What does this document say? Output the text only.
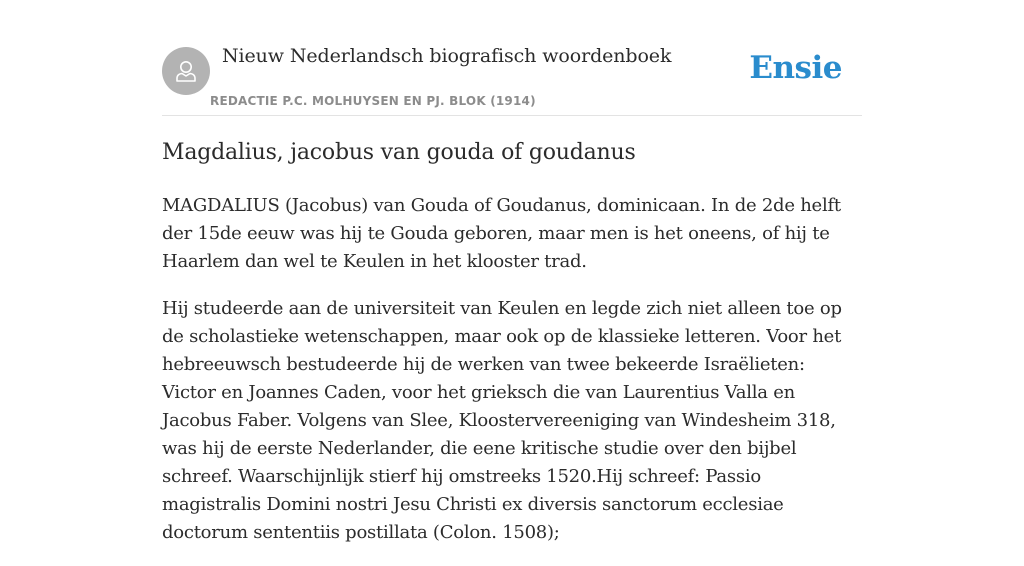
Nieuw Nederlandsch biografisch woordenboek
REDACTIE P.C. MOLHUYSEN EN PJ. BLOK (1914)
Ensie
Magdalius, jacobus van gouda of goudanus

MAGDALIUS (Jacobus) van Gouda of Goudanus, dominicaan. In de 2de helft der 15de eeuw was hij te Gouda geboren, maar men is het oneens, of hij te Haarlem dan wel te Keulen in het klooster trad.

Hij studeerde aan de universiteit van Keulen en legde zich niet alleen toe op de scholastieke wetenschappen, maar ook op de klassieke letteren. Voor het hebreeuwsch bestudeerde hij de werken van twee bekeerde Israëlieten: Victor en Joannes Caden, voor het grieksch die van Laurentius Valla en Jacobus Faber. Volgens van Slee, Kloostervereeniging van Windesheim 318, was hij de eerste Nederlander, die eene kritische studie over den bijbel schreef. Waarschijnlijk stierf hij omstreeks 1520.Hij schreef: Passio magistralis Domini nostri Jesu Christi ex diversis sanctorum ecclesiae doctorum sententiis postillata (Colon. 1508);
